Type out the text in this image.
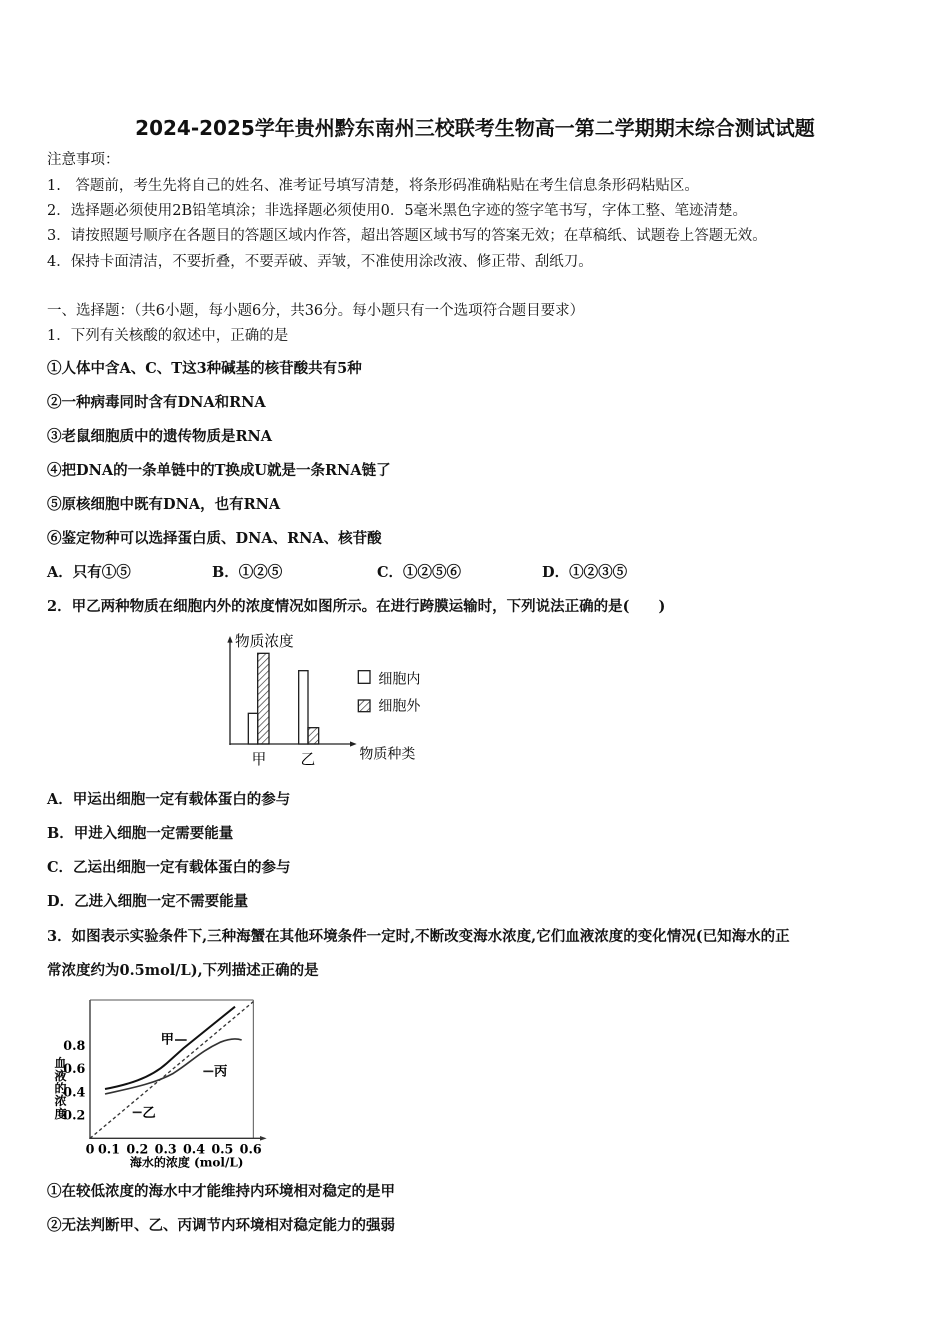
2024-2025学年贵州黔东南州三校联考生物高一第二学期期末综合测试试题
注意事项：
1.　答题前，考生先将自己的姓名、准考证号填写清楚，将条形码准确粘贴在考生信息条形码粘贴区。
2．选择题必须使用2B铅笔填涂；非选择题必须使用0．5毫米黑色字迹的签字笔书写，字体工整、笔迹清楚。
3．请按照题号顺序在各题目的答题区域内作答，超出答题区域书写的答案无效；在草稿纸、试题卷上答题无效。
4．保持卡面清洁，不要折叠，不要弄破、弄皱，不准使用涂改液、修正带、刮纸刀。
一、选择题：（共6小题，每小题6分，共36分。每小题只有一个选项符合题目要求）
1．下列有关核酸的叙述中，正确的是
①人体中含A、C、T这3种碱基的核苷酸共有5种
②一种病毒同时含有DNA和RNA
③老鼠细胞质中的遗传物质是RNA
④把DNA的一条单链中的T换成U就是一条RNA链了
⑤原核细胞中既有DNA，也有RNA
⑥鉴定物种可以选择蛋白质、DNA、RNA、核苷酸
A．只有①⑤	B．①②⑤	C．①②⑤⑥	D．①②③⑤
2．甲乙两种物质在细胞内外的浓度情况如图所示。在进行跨膜运输时，下列说法正确的是(　　)
细胞内
细胞外
物质浓度
甲 乙 物质种类
A．甲运出细胞一定有载体蛋白的参与
B．甲进入细胞一定需要能量
C．乙运出细胞一定有载体蛋白的参与
D．乙进入细胞一定不需要能量
3．如图表示实验条件下,三种海蟹在其他环境条件一定时,不断改变海水浓度,它们血液浓度的变化情况(已知海水的正
常浓度约为0.5mol/L),下列描述正确的是
甲
丙
乙
0.8
0.6
0.4
0.2
0 0.1 0.2 0.3 0.4 0.5 0.6
海水的浓度 (mol/L)
血液的浓度
①在较低浓度的海水中才能维持内环境相对稳定的是甲
②无法判断甲、乙、丙调节内环境相对稳定能力的强弱
